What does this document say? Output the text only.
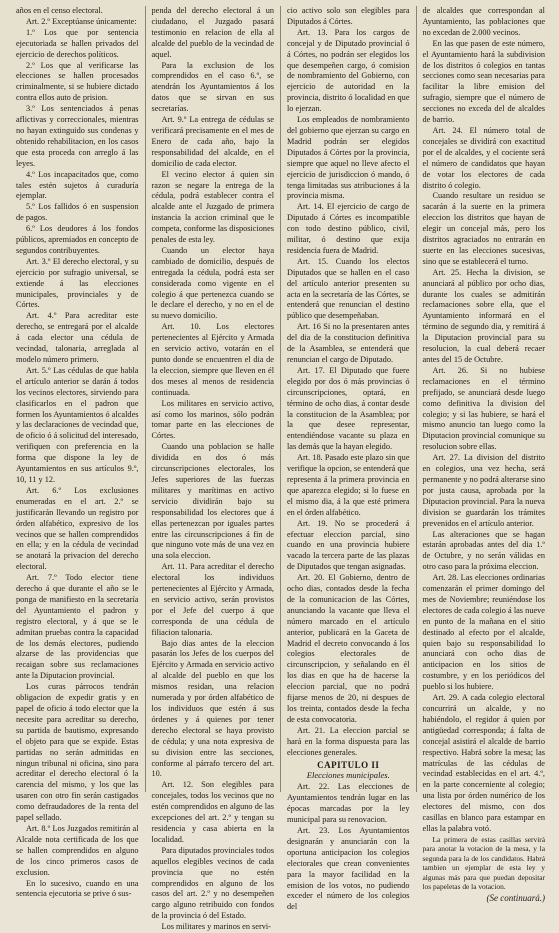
años en el censo electoral.

Art. 2.º Exceptúanse únicamente:

1.º Los que por sentencia ejecutoriada se hallen privados del ejercicio de derechos políticos.

2.º Los que al verificarse las elecciones se hallen procesados criminalmente, si se hubiere dictado contra ellos auto de prision.

3.º Los sentenciados á penas aflictivas y correccionales, mientras no hayan extinguido sus condenas y obtenido rehabilitacion, en los casos que esta proceda con arreglo á las leyes.

4.º Los incapacitados que, como tales estén sujetos á curaduría ejemplar.

5.º Los fallidos ó en suspension de pagos.

6.º Los deudores á los fondos públicos, apremiados en concepto de segundos contribuyentes.

Art. 3.º El derecho electoral, y su ejercicio por sufragio universal, se extiende á las elecciones municipales, provinciales y de Córtes.

Art. 4.º Para acreditar este derecho, se entregará por el alcalde á cada elector una cédula de vecindad, talonaria, arreglada al modelo número primero.

Art. 5.º Las cédulas de que habla el artículo anterior se darán á todos los vecinos electores, sirviendo para clasificarlos en el padron que formen los Ayuntamientos ó alcaldes y las declaraciones de vecindad que, de oficio ó á solicitud del interesado, verifiquen con preferencia en la forma que dispone la ley de Ayuntamientos en sus artículos 9.º, 10, 11 y 12.

Art. 6.º Los exclusiones enumeradas en el art. 2.º se justificarán llevando un registro por órden alfabético, expresivo de los vecinos que se hallen comprendidos en ella; y en la cédula de vecindad se anotará la privacion del derecho electoral.

Art. 7.º Todo elector tiene derecho á que durante el año se le ponga de manifiesto en la secretaría del Ayuntamiento el padron y registro electoral, y á que se le admitan pruebas contra la capacidad de los demás electores, pudiendo alzarse de las providencias que recaigan sobre sus reclamaciones ante la Diputacion provincial.

Los curas párrocos tendrán obligacion de expedir gratis y en papel de oficio á todo elector que la necesite para acreditar su derecho, su partida de bautismo, expresando el objeto para que se expide. Estas partidas no serán admitidas en ningun tribunal ni oficina, sino para acreditar el derecho electoral ó la carencia del mismo, y los que las usaren con otro fin serán castigados como defraudadores de la renta del papel sellado.

Art. 8.º Los Juzgados remitirán al Alcalde nota certificada de los que se hallen comprendidos en alguno de los cinco primeros casos de exclusion.

En lo sucesivo, cuando en una sentencia ejecutoria se prive ó sus-

penda del derecho electoral á un ciudadano, el Juzgado pasará testimonio en relacion de ella al alcalde del pueblo de la vecindad de aquel.

Para la exclusion de los comprendidos en el caso 6.º, se atendrán los Ayuntamientos á los datos que se sirvan en sus secretarías.

Art. 9.º La entrega de cédulas se verificará precisamente en el mes de Enero de cada año, bajo la responsabilidad del alcalde, en el domicilio de cada elector.

El vecino elector á quien sin razon se negare la entrega de la cédula, podrá establecer contra el alcalde ante el Juzgado de primera instancia la accion criminal que le competa, conforme las disposiciones penales de esta ley.

Cuando un elector haya cambiado de domicilio, después de entregada la cédula, podrá esta ser considerada como vigente en el colegio á que pertenezca cuando se le declare el derecho, y no en el de su nuevo domicilio.

Art. 10. Los electores pertenecientes al Ejército y Armada en servicio activo, votarán en el punto donde se encuentren el dia de la eleccion, siempre que lleven en él dos meses al menos de residencia continuada.

Los militares en servicio activo, así como los marinos, sólo podrán tomar parte en las elecciones de Córtes.

Cuando una poblacion se halle dividida en dos ó más circunscripciones electorales, los Jefes superiores de las fuerzas militares y marítimas en activo servicio dividirán bajo su responsabilidad los electores que á ellas pertenezcan por iguales partes entre las circunscripciones á fin de que ninguno vote más de una vez en una sola eleccion.

Art. 11. Para acreditar el derecho electoral los individuos pertenecientes al Ejército y Armada, en servicio activo, serán provistos por el Jefe del cuerpo á que corresponda de una cédula de filiacion talonaria.

Bajo dias antes de la eleccion pasarán los Jefes de los cuerpos del Ejército y Armada en servicio activo al alcalde del pueblo en que los mismos residan, una relacion numerada y por órden alfabético de los individuos que estén á sus órdenes y á quienes por tener derecho electoral se haya provisto de cédula; y una nota expresiva de su division entre las secciones, conforme al párrafo tercero del art. 10.

Art. 12. Son elegibles para concejales, todos los vecinos que no estén comprendidos en alguno de las excepciones del art. 2.º y tengan su residencia y casa abierta en la localidad.

Para diputados provinciales todos aquellos elegibles vecinos de cada provincia que no estén comprendidos en alguno de los casos del art. 2.º y no desempeñen cargo alguno retribuido con fondos de la provincia ó del Estado.

Los militares y marinos en servi-

cio activo solo son elegibles para Diputados á Córtes.

Art. 13. Para los cargos de concejal y de Diputado provincial ó á Córtes, no podrán ser elegidos los que desempeñen cargo, ó comision de nombramiento del Gobierno, con ejercicio de autoridad en la provincia, distrito ó localidad en que lo ejerzan.

Los empleados de nombramiento del gobierno que ejerzan su cargo en Madrid podrán ser elegidos Diputados á Córtes por la provincia, siempre que aquel no lleve afecto el ejercicio de jurisdiccion ó mando, ó tenga limitadas sus atribuciones á la provincia misma.

Art. 14. El ejercicio de cargo de Diputado á Córtes es incompatible con todo destino público, civil, militar, ó destino que exija residencia fuera de Madrid.

Art. 15. Cuando los electos Diputados que se hallen en el caso del artículo anterior presenten su acta en la secretaría de las Córtes, se entenderá que renuncian el destino público que desempeñaban.

Art. 16 Si no la presentaren antes del dia de la constitucion definitiva de la Asamblea, se entenderá que renuncian el cargo de Diputado.

Art. 17. El Diputado que fuere elegido por dos ó más provincias ó circunscripciones, optará, en término de ocho dias, á contar desde la constitucion de la Asamblea; por la que desee representar, entendiéndose vacante su plaza en las demás que la hayan elegido.

Art. 18. Pasado este plazo sin que verifique la opcion, se entenderá que representa á la primera provincia en que aparezca elegido; si lo fuese en el mismo dia, á la que esté primera en el órden alfabético.

Art. 19. No se procederá á efectuar eleccion parcial, sino cuando en una provincia hubiere vacado la tercera parte de las plazas de Diputados que tengan asignadas.

Art. 20. El Gobierno, dentro de ocho dias, contados desde la fecha de la comunicacion de las Córtes, anunciando la vacante que lleva el número marcado en el artículo anterior, publicará en la Gaceta de Madrid el decreto convocando á los colegios electorales de circunscripcion, y señalando en él los dias en que ha de hacerse la eleccion parcial, que no podrá fijarse menos de 20, ni despues de los treinta, contados desde la fecha de esta convocatoria.

Art. 21. La eleccion parcial se hará en la forma dispuesta para las elecciones generales.

CAPITULO II
Elecciones municipales.

Art. 22. Las elecciones de Ayuntamientos tendrán lugar en las épocas marcadas por la ley municipal para su renovacion.

Art. 23. Los Ayuntamientos designarán y anunciarán con la oportuna anticipacion los colegios electorales que crean convenientes para la mayor facilidad en la emision de los votos, no pudiendo exceder el número de los colegios del

de alcaldes que correspondan al Ayuntamiento, las poblaciones que no excedan de 2.000 vecinos.

En las que pasen de este número, el Ayuntamiento hará la subdivision de los distritos ó colegios en tantas secciones como sean necesarias para facilitar la libre emision del sufragio, siempre que el número de secciones no exceda del de alcaldes de barrio.

Art. 24. El número total de concejales se dividirá con exactitud por el de alcaldes, y el cociente será el número de candidatos que hayan de votar los electores de cada distrito ó colegio.

Cuando resultare un residuo se sacarán á la suerte en la primera eleccion los distritos que hayan de elegir un concejal más, pero los distritos agraciados no entrarán en suerte en las elecciones sucesivas, sino que se establecerá el turno.

Art. 25. Hecha la division, se anunciará al público por ocho dias, durante los cuales se admitirán reclamaciones sobre ella, que el Ayuntamiento informará en el término de segundo dia, y remitirá á la Diputacion provincial para su resolucion, la cual deberá recaer antes del 15 de Octubre.

Art. 26. Si no hubiese reclamaciones en el término prefijado, se anunciará desde luego como definitiva la division del colegio; y si las hubiere, se hará el mismo anuncio tan luego como la Diputacion provincial comunique su resolucion sobre ellas.

Art. 27. La division del distrito en colegios, una vez hecha, será permanente y no podrá alterarse sino por justa causa, aprobada por la Diputacion provincial. Para la nueva division se guardarán los trámites prevenidos en el artículo anterior.

Las alteraciones que se hagan estarán aprobadas antes del dia 1.º de Octubre, y no serán válidas en otro caso para la próxima eleccion.

Art. 28. Las elecciones ordinarias comenzarán el primer domingo del mes de Noviembre; reuniéndose los electores de cada colegio á las nueve en punto de la mañana en el sitio destinado al efecto por el alcalde, quien bajo su responsabilidad lo anunciará con ocho dias de anticipacion en los sitios de costumbre, y en los periódicos del pueblo si los hubiere.

Art. 29. A cada colegio electoral concurrirá un alcalde, y no habiéndolo, el regidor á quien por antigüedad corresponda; á falta de concejal asistirá el alcalde de barrio respectivo. Habrá sobre la mesa; las matrículas de las cédulas de vecindad establecidas en el art. 4.º, en la parte concerniente al colegio; una lista por órden numérico de los electores del mismo, con dos casillas en blanco para estampar en ellas la palabra votó.

La primera de estas casillas servirá para anotar la votacion de la mesa, y la segunda para la de los candidatos. Habrá tambien un ejemplar de esta ley y algunas más para que puedan depositar los papeletas de la votacion.

(Se continuará.)
